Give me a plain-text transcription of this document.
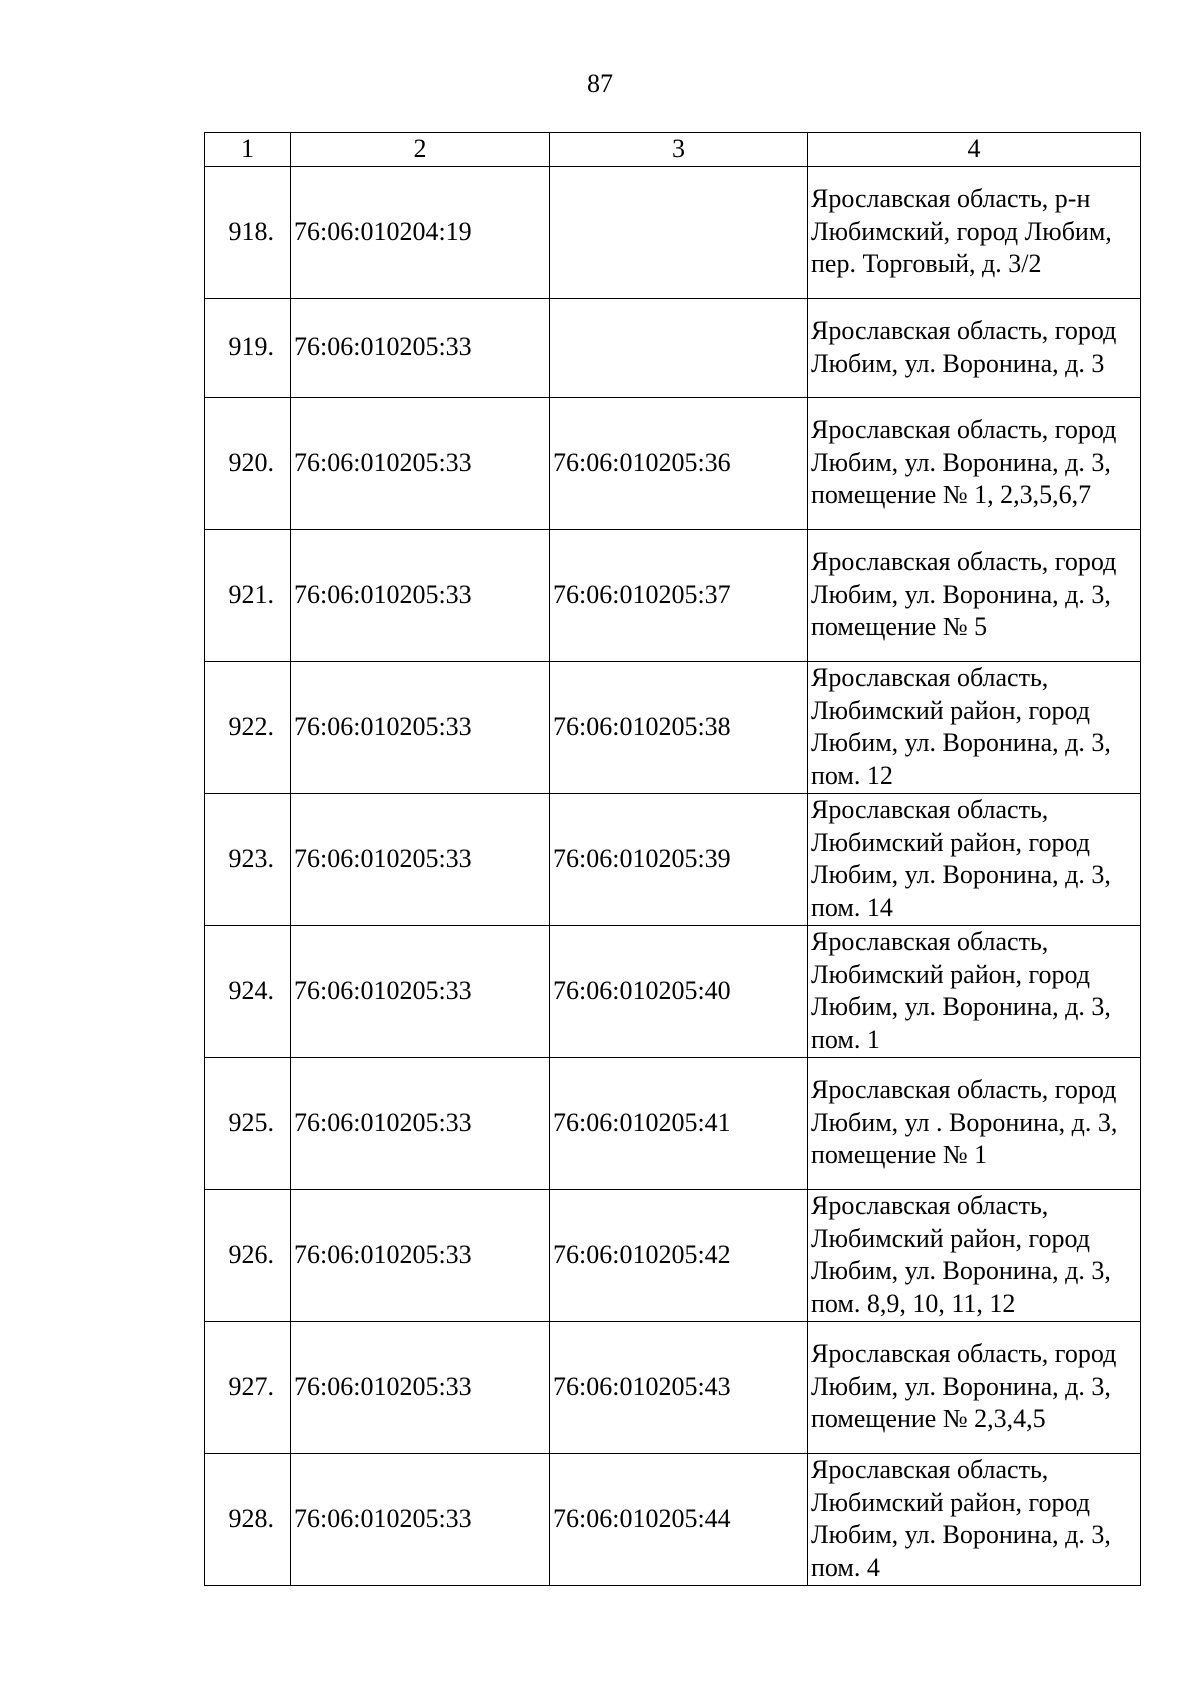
87
1	2	3	4
918.	76:06:010204:19		Ярославская область, р-н Любимский, город Любим, пер. Торговый, д. 3/2
919.	76:06:010205:33		Ярославская область, город Любим, ул. Воронина, д. 3
920.	76:06:010205:33	76:06:010205:36	Ярославская область, город Любим, ул. Воронина, д. 3, помещение № 1, 2,3,5,6,7
921.	76:06:010205:33	76:06:010205:37	Ярославская область, город Любим, ул. Воронина, д. 3, помещение № 5
922.	76:06:010205:33	76:06:010205:38	Ярославская область, Любимский район, город Любим, ул. Воронина, д. 3, пом. 12
923.	76:06:010205:33	76:06:010205:39	Ярославская область, Любимский район, город Любим, ул. Воронина, д. 3, пом. 14
924.	76:06:010205:33	76:06:010205:40	Ярославская область, Любимский район, город Любим, ул. Воронина, д. 3, пом. 1
925.	76:06:010205:33	76:06:010205:41	Ярославская область, город Любим, ул . Воронина, д. 3, помещение № 1
926.	76:06:010205:33	76:06:010205:42	Ярославская область, Любимский район, город Любим, ул. Воронина, д. 3, пом. 8,9, 10, 11, 12
927.	76:06:010205:33	76:06:010205:43	Ярославская область, город Любим, ул. Воронина, д. 3, помещение № 2,3,4,5
928.	76:06:010205:33	76:06:010205:44	Ярославская область, Любимский район, город Любим, ул. Воронина, д. 3, пом. 4
